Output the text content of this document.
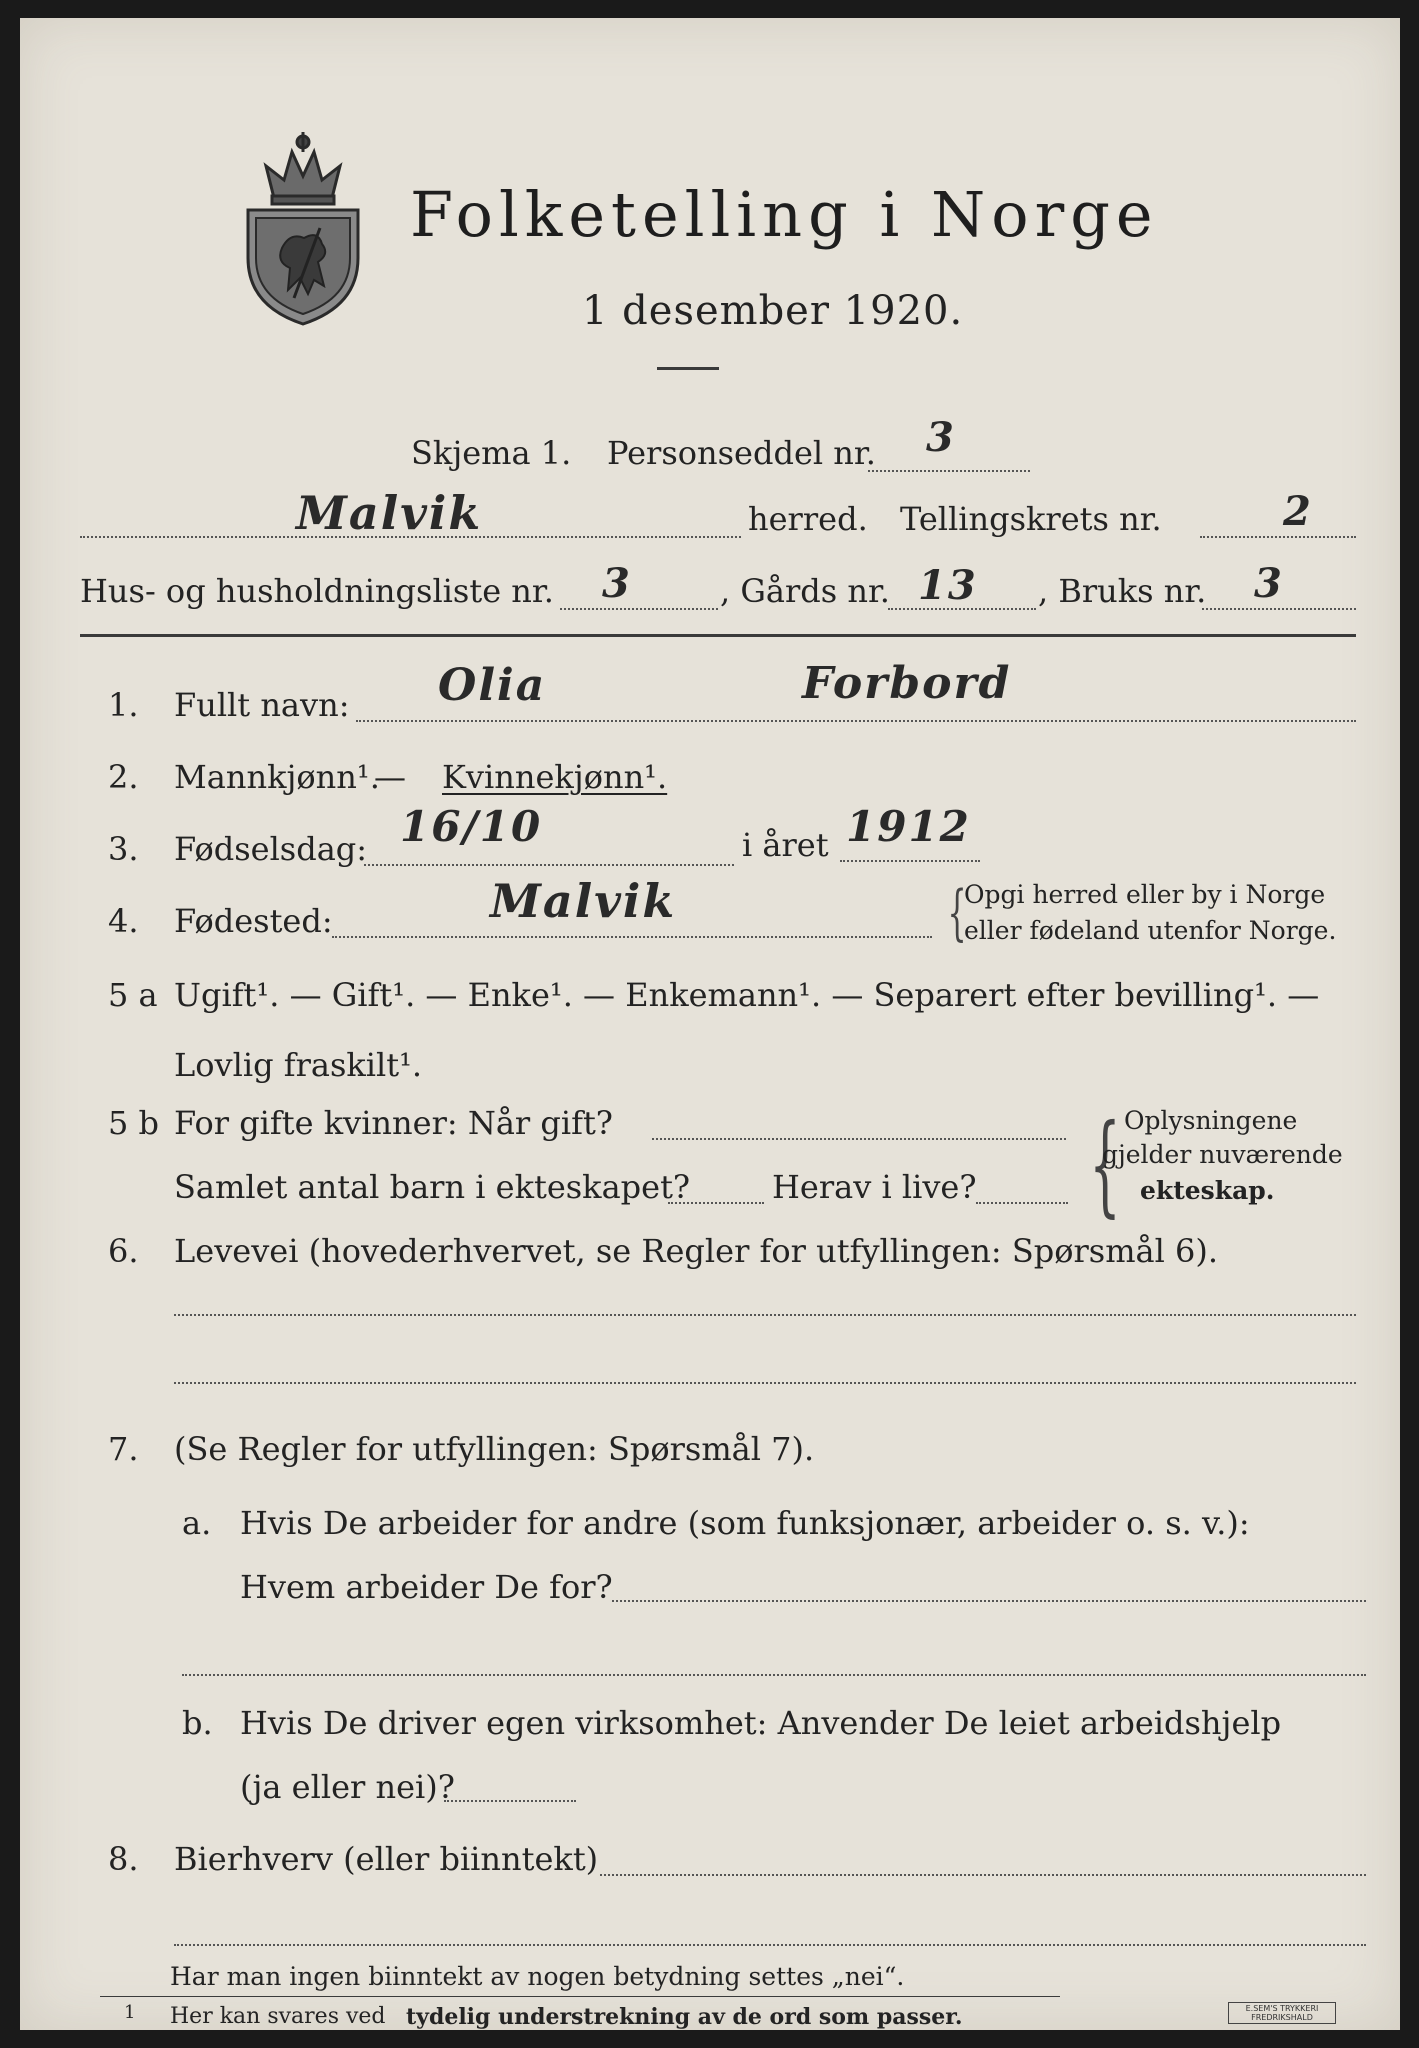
Folketelling i Norge
1 desember 1920.
Skjema 1. Personseddel nr. 3
Malvik	herred. Tellingskrets nr.	2
Hus- og husholdningsliste nr. 3	, Gårds nr. 13 , Bruks nr. 3
1. Fullt navn: Olia	Forbord
2. Mannkjønn¹.
— Kvinnekjønn¹.
3. Fødselsdag: 16/10	i året 1912
4. Fødested:	Malvik	{
Opgi herred eller by i Norge
eller fødeland utenfor Norge.
5 a Ugift¹. — Gift¹. — Enke¹. — Enkemann¹. — Separert efter bevilling¹. —
Lovlig fraskilt¹.
5 b For gifte kvinner: Når gift?
Samlet antal barn i ekteskapet?	Herav i live? { Oplysningene
gjelder nuværende
ekteskap.
6. Levevei (hovederhvervet, se Regler for utfyllingen: Spørsmål 6).
7. (Se Regler for utfyllingen: Spørsmål 7).
a. Hvis De arbeider for andre (som funksjonær, arbeider o. s. v.):
Hvem arbeider De for?
b. Hvis De driver egen virksomhet: Anvender De leiet arbeidshjelp
(ja eller nei)?
8. Bierhverv (eller biinntekt)
Har man ingen biinntekt av nogen betydning settes „nei“.
1 Her kan svares ved tydelig understrekning av de ord som passer.	E.SEM'S TRYKKERI
FREDRIKSHALD
